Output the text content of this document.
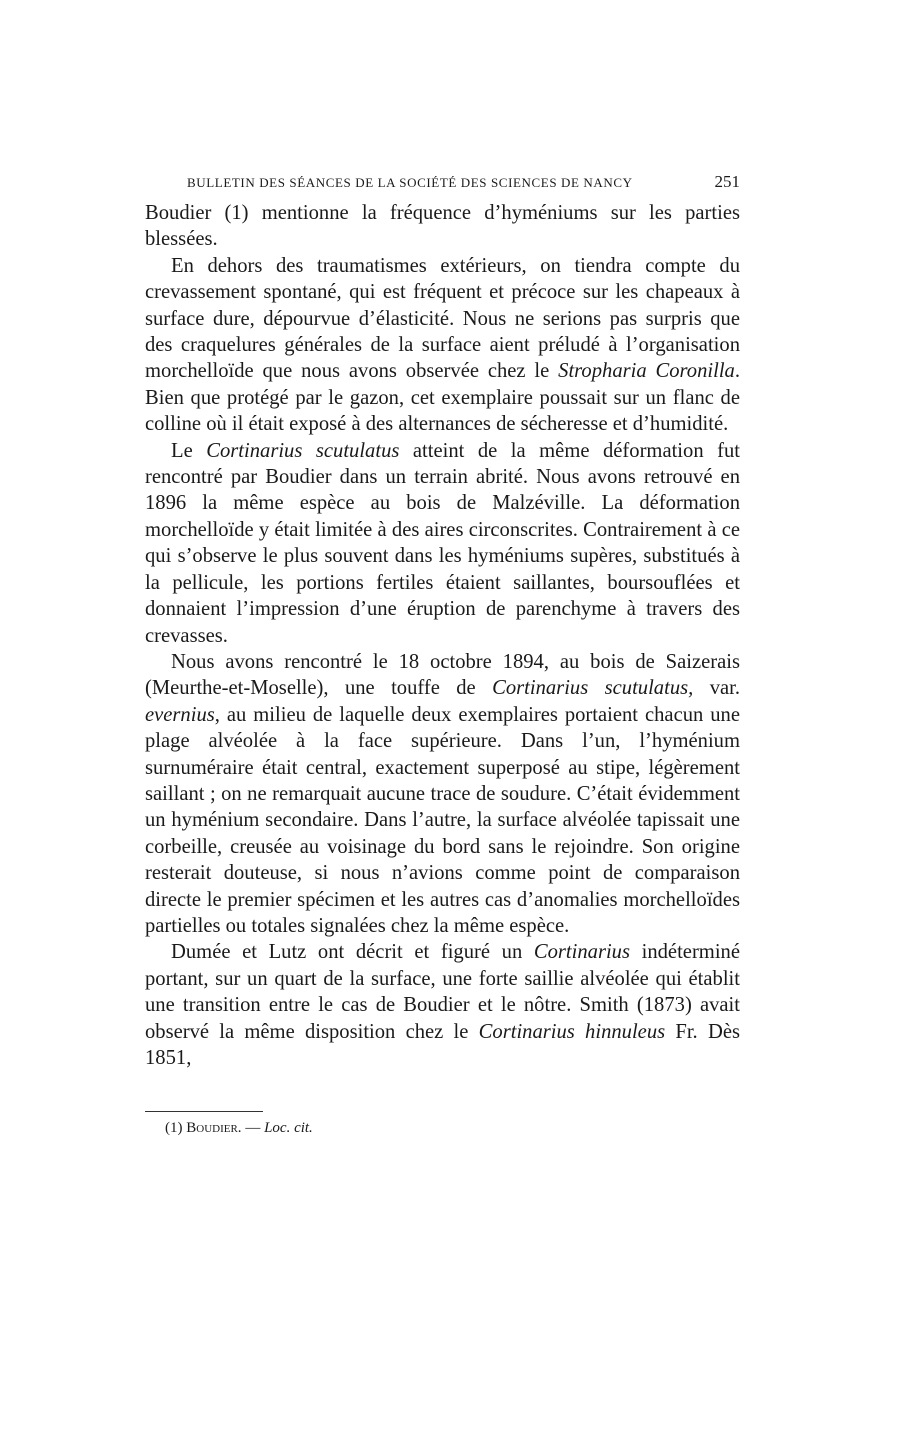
BULLETIN DES SÉANCES DE LA SOCIÉTÉ DES SCIENCES DE NANCY	251

Boudier (1) mentionne la fréquence d’hyméniums sur les parties blessées.

En dehors des traumatismes extérieurs, on tiendra compte du crevassement spontané, qui est fréquent et précoce sur les chapeaux à surface dure, dépourvue d’élasticité. Nous ne serions pas surpris que des craquelures générales de la surface aient préludé à l’organisation morchelloïde que nous avons observée chez le Stropharia Coronilla. Bien que protégé par le gazon, cet exemplaire poussait sur un flanc de colline où il était exposé à des alternances de sécheresse et d’humidité.

Le Cortinarius scutulatus atteint de la même déformation fut rencontré par Boudier dans un terrain abrité. Nous avons retrouvé en 1896 la même espèce au bois de Malzéville. La déformation morchelloïde y était limitée à des aires circonscrites. Contrairement à ce qui s’observe le plus souvent dans les hyméniums supères, substitués à la pellicule, les portions fertiles étaient saillantes, boursouflées et donnaient l’impression d’une éruption de parenchyme à travers des crevasses.

Nous avons rencontré le 18 octobre 1894, au bois de Saizerais (Meurthe-et-Moselle), une touffe de Cortinarius scutulatus, var. evernius, au milieu de laquelle deux exemplaires portaient chacun une plage alvéolée à la face supérieure. Dans l’un, l’hyménium surnuméraire était central, exactement superposé au stipe, légèrement saillant ; on ne remarquait aucune trace de soudure. C’était évidemment un hyménium secondaire. Dans l’autre, la surface alvéolée tapissait une corbeille, creusée au voisinage du bord sans le rejoindre. Son origine resterait douteuse, si nous n’avions comme point de comparaison directe le premier spécimen et les autres cas d’anomalies morchelloïdes partielles ou totales signalées chez la même espèce.

Dumée et Lutz ont décrit et figuré un Cortinarius indéterminé portant, sur un quart de la surface, une forte saillie alvéolée qui établit une transition entre le cas de Boudier et le nôtre. Smith (1873) avait observé la même disposition chez le Cortinarius hinnuleus Fr. Dès 1851,

(1) Boudier. — Loc. cit.
